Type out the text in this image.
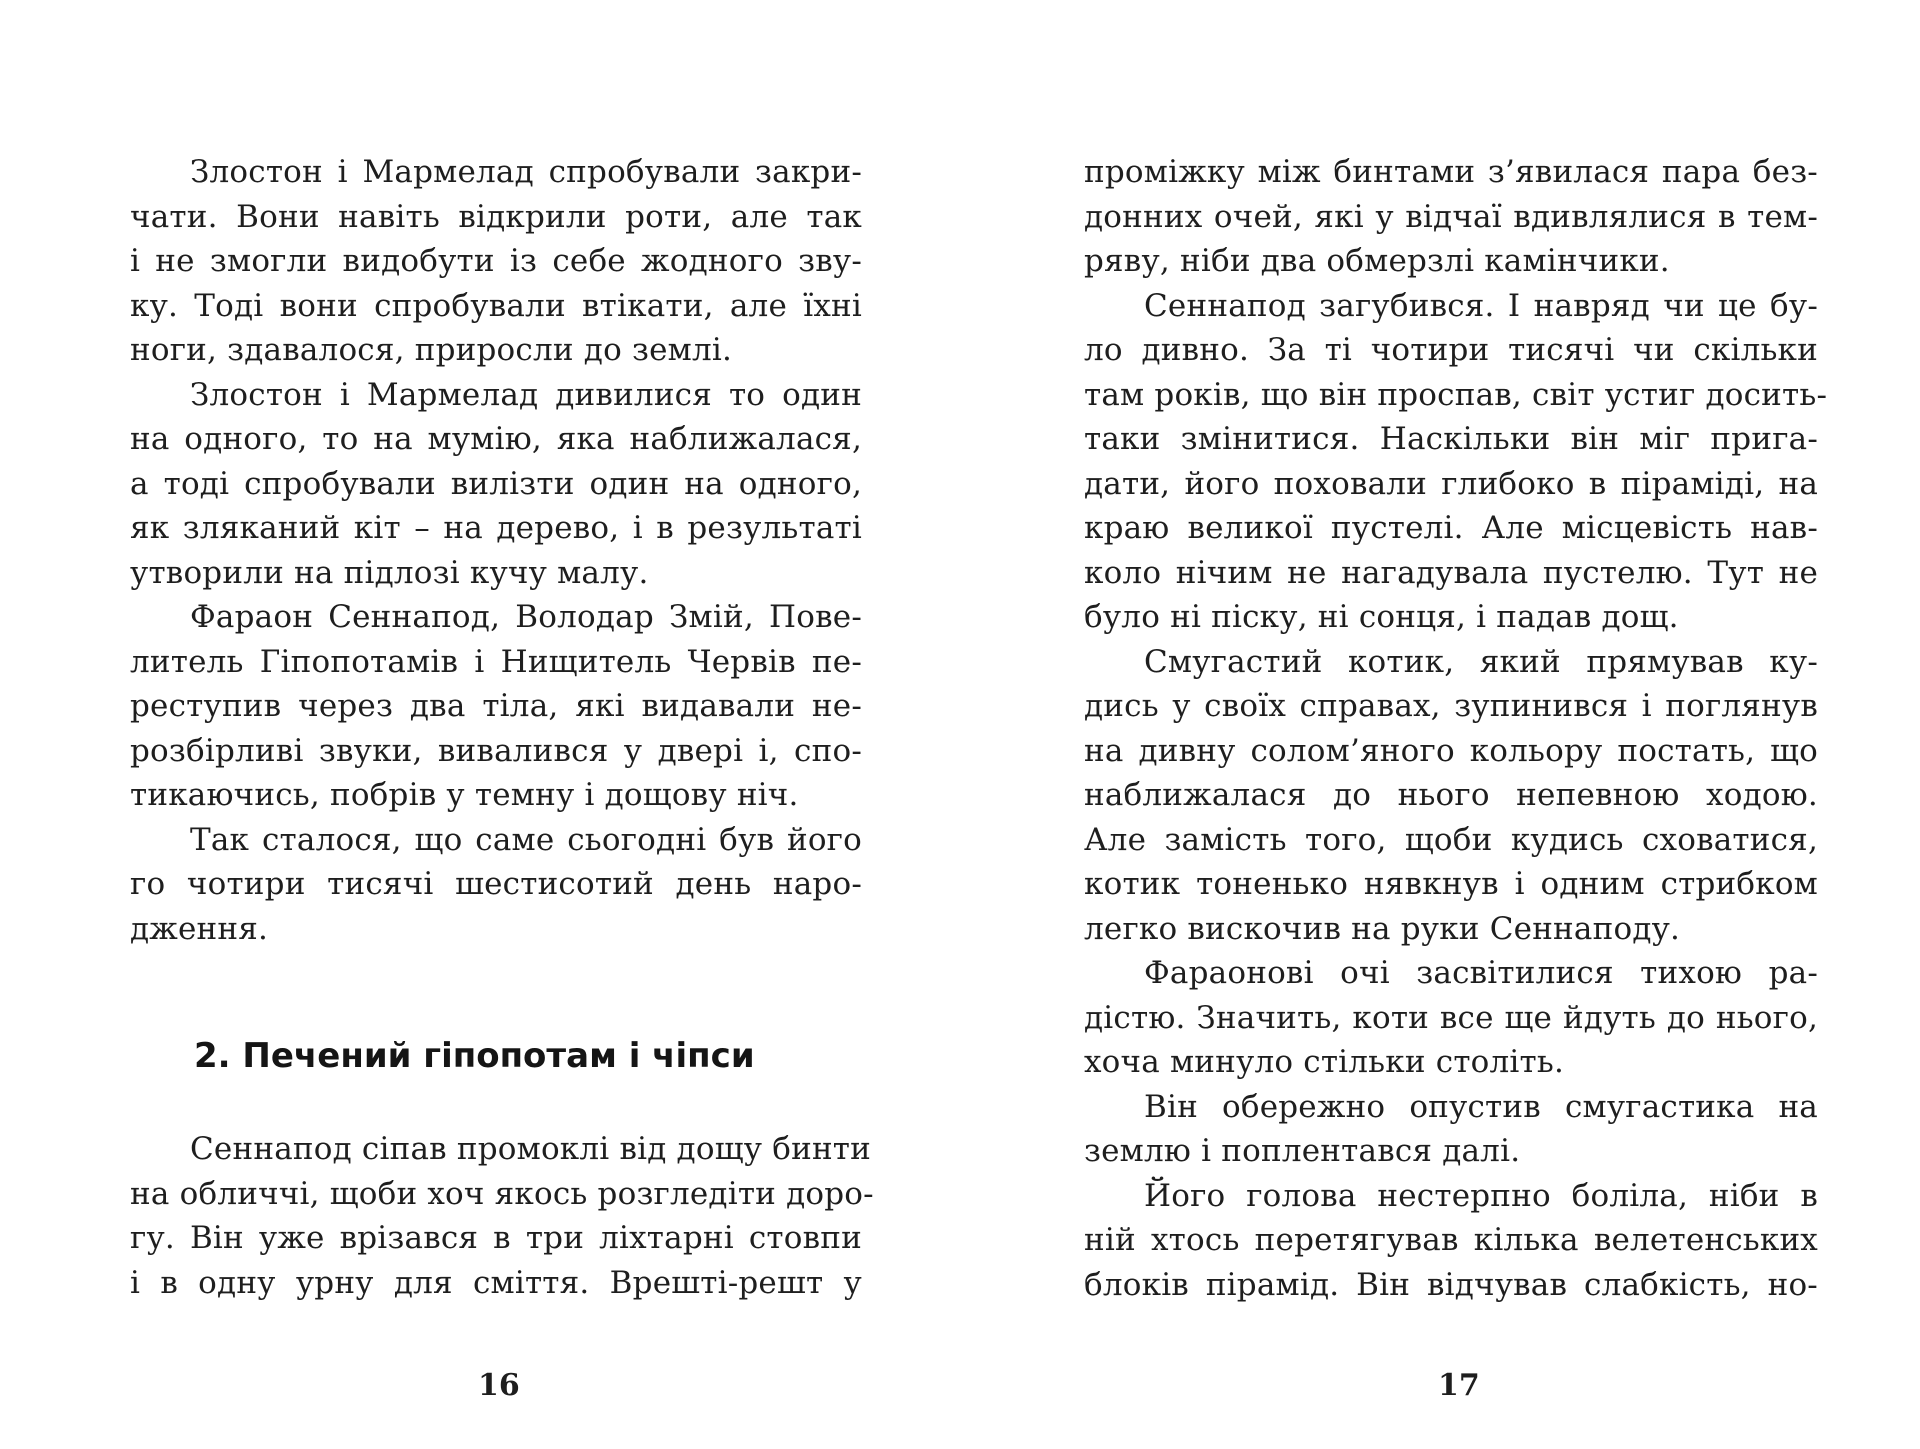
Злостон і Мармелад спробували закри-
чати. Вони навіть відкрили роти, але так
і не змогли видобути із себе жодного зву-
ку. Тоді вони спробували втікати, але їхні
ноги, здавалося, приросли до землі.
Злостон і Мармелад дивилися то один
на одного, то на мумію, яка наближалася,
а тоді спробували вилізти один на одного,
як зляканий кіт – на дерево, і в результаті
утворили на підлозі кучу малу.
Фараон Сеннапод, Володар Змій, Пове-
литель Гіпопотамів і Нищитель Червів пе-
реступив через два тіла, які видавали не-
розбірливі звуки, вивалився у двері і, спо-
тикаючись, побрів у темну і дощову ніч.
Так сталося, що саме сьогодні був його
го чотири тисячі шестисотий день наро-
дження.
2. Печений гіпопотам і чіпси
Сеннапод сіпав промоклі від дощу бинти
на обличчі, щоби хоч якось розгледіти доро-
гу. Він уже врізався в три ліхтарні стовпи
і в одну урну для сміття. Врешті-решт у
16
проміжку між бинтами з’явилася пара без-
донних очей, які у відчаї вдивлялися в тем-
ряву, ніби два обмерзлі камінчики.
Сеннапод загубився. І навряд чи це бу-
ло дивно. За ті чотири тисячі чи скільки
там років, що він проспав, світ устиг досить-
таки змінитися. Наскільки він міг прига-
дати, його поховали глибоко в піраміді, на
краю великої пустелі. Але місцевість нав-
коло нічим не нагадувала пустелю. Тут не
було ні піску, ні сонця, і падав дощ.
Смугастий котик, який прямував ку-
дись у своїх справах, зупинився і поглянув
на дивну солом’яного кольору постать, що
наближалася до нього непевною ходою.
Але замість того, щоби кудись сховатися,
котик тоненько нявкнув і одним стрибком
легко вискочив на руки Сеннаподу.
Фараонові очі засвітилися тихою ра-
дістю. Значить, коти все ще йдуть до нього,
хоча минуло стільки століть.
Він обережно опустив смугастика на
землю і поплентався далі.
Його голова нестерпно боліла, ніби в
ній хтось перетягував кілька велетенських
блоків пірамід. Він відчував слабкість, но-
17
